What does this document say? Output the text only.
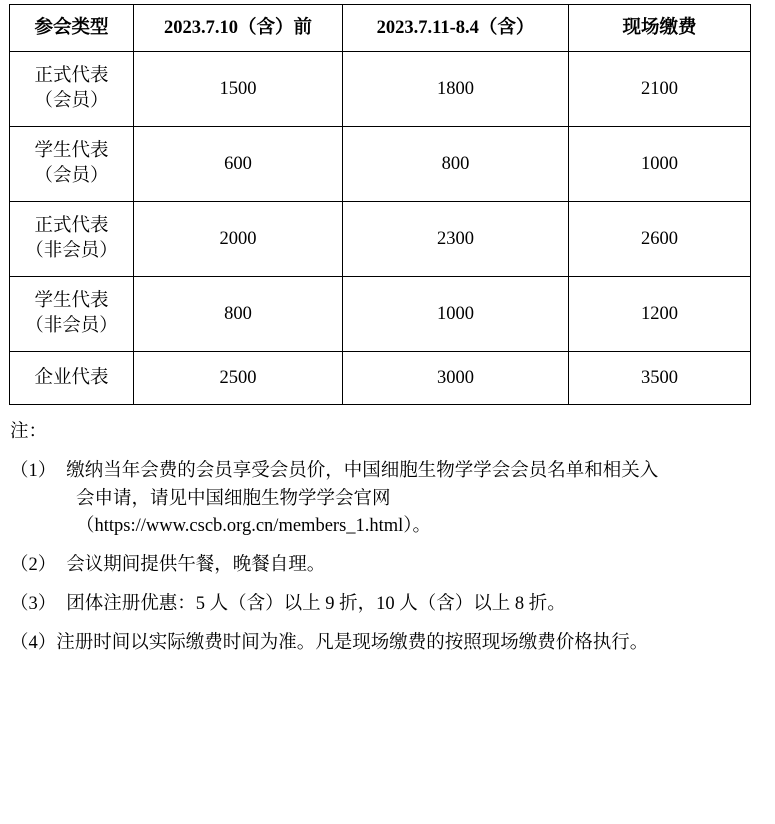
参会类型	2023.7.10（含）前	2023.7.11-8.4（含）	现场缴费

正式代表
（会员）	1500	1800	2100

学生代表
（会员）	600	800	1000

正式代表
（非会员）	2000	2300	2600

学生代表
（非会员）	800	1000	1200

企业代表	2500	3000	3500
注：
（1） 缴纳当年会费的会员享受会员价，中国细胞生物学学会会员名单和相关入
会申请，请见中国细胞生物学学会官网
（https://www.cscb.org.cn/members_1.html）。
（2） 会议期间提供午餐，晚餐自理。
（3） 团体注册优惠：5 人（含）以上 9 折，10 人（含）以上 8 折。
（4） 注册时间以实际缴费时间为准。凡是现场缴费的按照现场缴费价格执行。
